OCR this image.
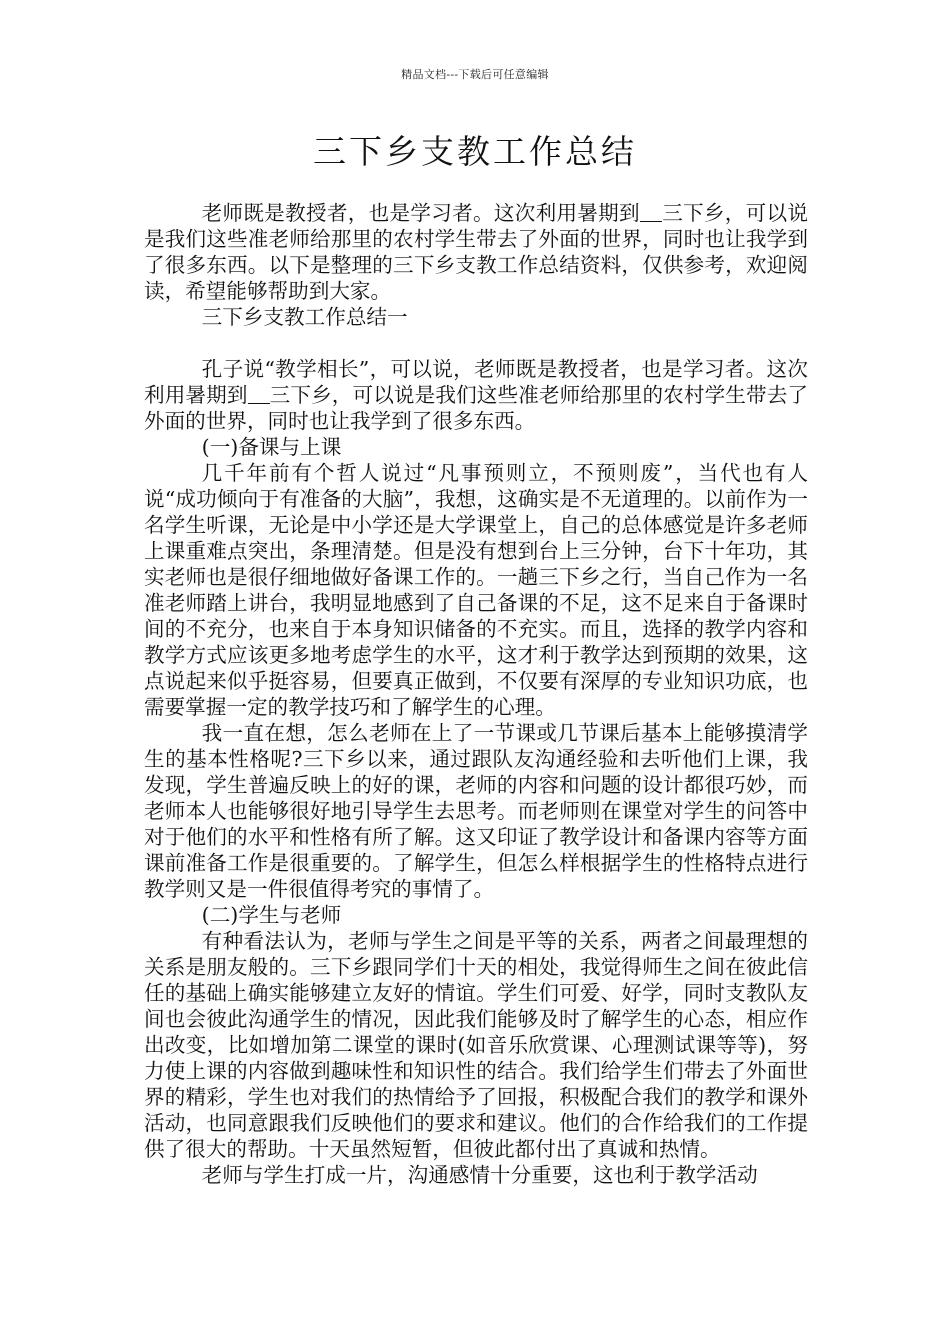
精品文档---下载后可任意编辑
三下乡支教工作总结

老师既是教授者，也是学习者。这次利用暑期到 三下乡，可以说是我们这些准老师给那里的农村学生带去了外面的世界，同时也让我学到了很多东西。以下是整理的三下乡支教工作总结资料，仅供参考，欢迎阅读，希望能够帮助到大家。

三下乡支教工作总结一

孔子说“教学相长”，可以说，老师既是教授者，也是学习者。这次利用暑期到 三下乡，可以说是我们这些准老师给那里的农村学生带去了外面的世界，同时也让我学到了很多东西。

(一)备课与上课

几千年前有个哲人说过“凡事预则立，不预则废”，当代也有人说“成功倾向于有准备的大脑”，我想，这确实是不无道理的。以前作为一名学生听课，无论是中小学还是大学课堂上，自己的总体感觉是许多老师上课重难点突出，条理清楚。但是没有想到台上三分钟，台下十年功，其实老师也是很仔细地做好备课工作的。一趟三下乡之行，当自己作为一名准老师踏上讲台，我明显地感到了自己备课的不足，这不足来自于备课时间的不充分，也来自于本身知识储备的不充实。而且，选择的教学内容和教学方式应该更多地考虑学生的水平，这才利于教学达到预期的效果，这点说起来似乎挺容易，但要真正做到，不仅要有深厚的专业知识功底，也需要掌握一定的教学技巧和了解学生的心理。

我一直在想，怎么老师在上了一节课或几节课后基本上能够摸清学生的基本性格呢?三下乡以来，通过跟队友沟通经验和去听他们上课，我发现，学生普遍反映上的好的课，老师的内容和问题的设计都很巧妙，而老师本人也能够很好地引导学生去思考。而老师则在课堂对学生的问答中对于他们的水平和性格有所了解。这又印证了教学设计和备课内容等方面课前准备工作是很重要的。了解学生，但怎么样根据学生的性格特点进行教学则又是一件很值得考究的事情了。

(二)学生与老师

有种看法认为，老师与学生之间是平等的关系，两者之间最理想的关系是朋友般的。三下乡跟同学们十天的相处，我觉得师生之间在彼此信任的基础上确实能够建立友好的情谊。学生们可爱、好学，同时支教队友间也会彼此沟通学生的情况，因此我们能够及时了解学生的心态，相应作出改变，比如增加第二课堂的课时(如音乐欣赏课、心理测试课等等)，努力使上课的内容做到趣味性和知识性的结合。我们给学生们带去了外面世界的精彩，学生也对我们的热情给予了回报，积极配合我们的教学和课外活动，也同意跟我们反映他们的要求和建议。他们的合作给我们的工作提供了很大的帮助。十天虽然短暂，但彼此都付出了真诚和热情。

老师与学生打成一片，沟通感情十分重要，这也利于教学活动
